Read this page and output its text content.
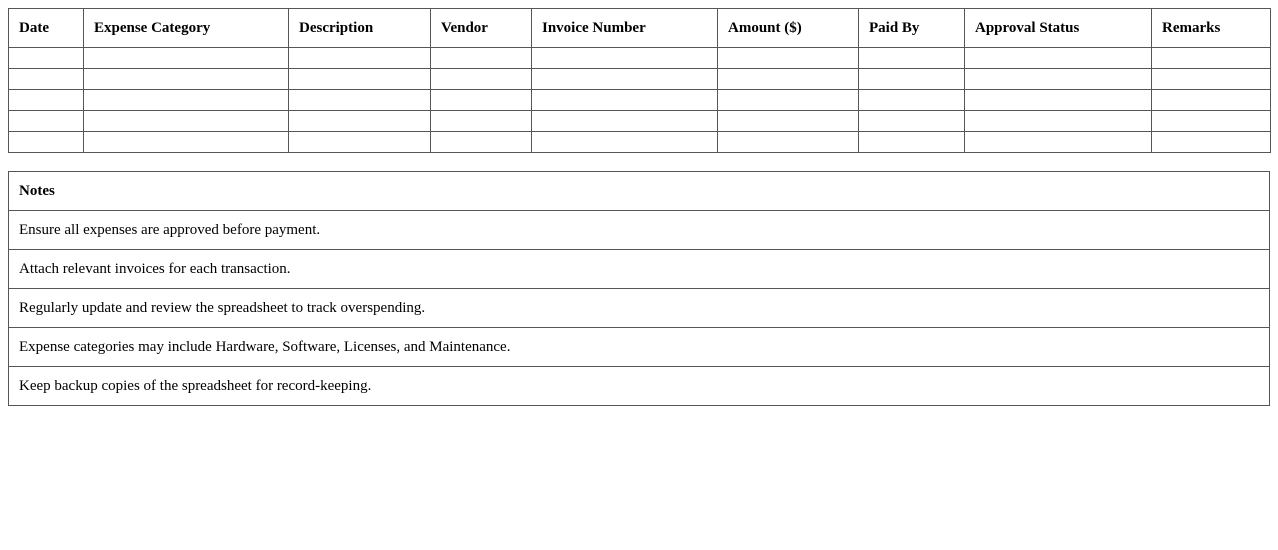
Date	Expense Category	Description	Vendor	Invoice Number	Amount ($)	Paid By	Approval Status	Remarks

Notes
Ensure all expenses are approved before payment.
Attach relevant invoices for each transaction.
Regularly update and review the spreadsheet to track overspending.
Expense categories may include Hardware, Software, Licenses, and Maintenance.
Keep backup copies of the spreadsheet for record-keeping.
